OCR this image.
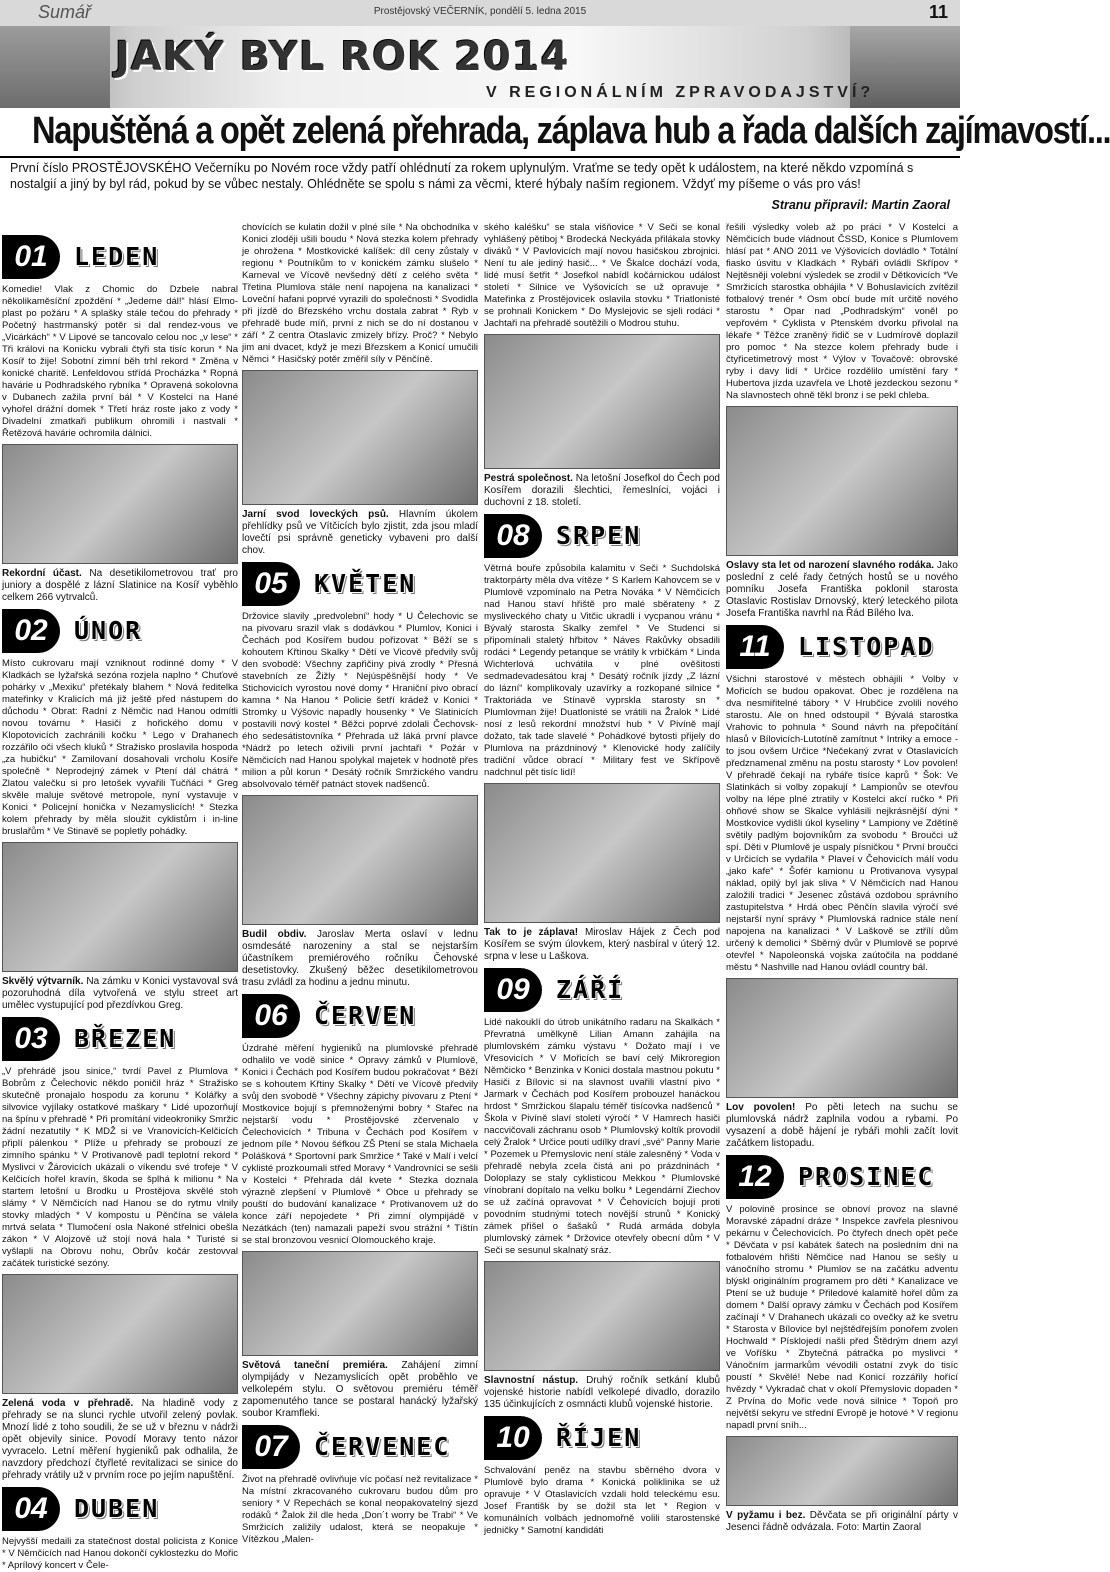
Sumář	Prostějovský VEČERNÍK, pondělí 5. ledna 2015	11
JAKÝ BYL ROK 2014
V REGIONÁLNÍM ZPRAVODAJSTVÍ?
Napuštěná a opět zelená přehrada, záplava hub a řada dalších zajímavostí...
První číslo PROSTĚJOVSKÉHO Večerníku po Novém roce vždy patří ohlédnutí za rokem uplynulým. Vraťme se tedy opět k událostem, na které někdo vzpomíná s nostalgií a jiný by byl rád, pokud by se vůbec nestaly. Ohlédněte se spolu s námi za věcmi, které hýbaly naším regionem. Vždyť my píšeme o vás pro vás!
Stranu připravil: Martin Zaoral
01	LEDEN

Komedie! Vlak z Chomic do Dzbele nabral několikaměsíční zpoždění * „Jedeme dál!“ hlásí Elmo-plast po požáru * A splašky stále tečou do přehrady * Početný hastrmanský potěr si dal rendez-vous ve „Vicárkách“ * V Lipové se tancovalo celou noc „v lese“ * Tři královi na Konicku vybrali čtyři sta tisíc korun * Na Kosíř to žije! Sobotní zimní běh trhl rekord * Změna v konické charitě. Lenfeldovou střídá Procházka * Ropná havárie u Podhradského rybníka * Opravená sokolovna v Dubanech zažila první bál * V Kostelci na Hané vyhořel drážní domek * Třetí hráz roste jako z vody * Divadelní zmatkaři publikum ohromili i nastvali * Řetězová havárie ochromila dálnici.

Rekordní účast. Na desetikilometrovou trať pro juniory a dospělé z lázní Slatinice na Kosíř vyběhlo celkem 266 vytrvalců.
02	ÚNOR

Místo cukrovaru mají vzniknout rodinné domy * V Kladkách se lyžařská sezóna rozjela naplno * Chuťové pohárky v „Mexiku“ přetékaly blahem * Nová ředitelka mateřinky v Kralicích má již ještě před nástupem do důchodu * Obrat: Radní z Němčic nad Hanou odmítli novou továrnu * Hasiči z hořického domu v Klopotovicích zachránili kočku * Lego v Drahanech rozzářilo oči všech kluků * Stražisko proslavila hospoda „za hubičku“ * Zamilovaní dosahovali vrcholu Kosíře společně * Neprodejný zámek v Ptení dál chátrá * Zlatou valečku si pro letošek vyvařili Tučňáci * Greg skvěle maluje světové metropole, nyní vystavuje v Konici * Policejní honička v Nezamyslicích! * Stezka kolem přehrady by měla sloužit cyklistům i in-line bruslařům * Ve Stinavě se popletly pohádky.

Skvělý výtvarník. Na zámku v Konici vystavoval svá pozoruhodná díla vytvořená ve stylu street art umělec vystupující pod přezdívkou Greg.
03	BŘEZEN

„V přehrádě jsou sinice,“ tvrdí Pavel z Plumlova * Bobrům z Čelechovic někdo poničil hráz * Stražisko skutečně pronajalo hospodu za korunu * Kolářky a silvovice vyjílaky ostatkové maškary * Lidé upozorňují na špínu v přehradě * Při promítání videokroniky Smržic žádní nezatutily * K MDŽ si ve Vranovicích-Kelčicích připlí pálenkou * Plíže u přehrady se probouzí ze zimního spánku * V Protivanově padl teplotní rekord * Myslivci v Žárovicích ukázali o víkendu své trofeje * V Kelčicích hořel kravín, škoda se šplhá k milionu * Na startem letošní u Brodku u Prostějova skvělé stoh slámy * V Němčicích nad Hanou se do rytmu vlnily stovky mladých * V kompostu u Pěnčína se válela mrtvá selata * Tlumočení osla Nakoné střelnici obešla zákon * V Alojzově už stojí nová hala * Turisté si vyšlapli na Obrovu nohu, Obrův kočár zestovval začátek turistické sezóny.

Zelená voda v přehradě. Na hladině vody z přehrady se na slunci rychle utvořil zelený povlak. Mnozí lidé z toho soudili, že se už v březnu v nádrži opět objevily sinice. Povodí Moravy tento názor vyvracelo. Letní měření hygieniků pak odhalila, že navzdory předchozí čtyřleté revitalizaci se sinice do přehrady vrátily už v prvním roce po jejím napuštění.
04	DUBEN

Nejvyšší medaili za statečnost dostal policista z Konice * V Němčicích nad Hanou dokončí cyklostezku do Mořic * Aprílový koncert v Čele-

chovících se kulatin dožil v plné síle * Na obchodníka v Konici zloději ušili boudu * Nová stezka kolem přehrady je ohrožena * Mostkovické kalíšek: díl ceny zůstaly v regionu * Poutníkům to v konickém zámku slušelo * Karneval ve Vícově nevšedný dětí z celého světa * Třetina Plumlova stále není napojena na kanalizaci * Loveční hafani poprvé vyrazili do společnosti * Svodidla při jízdě do Březského vrchu dostala zabrat * Ryb v přehradě bude míň, první z nich se do ní dostanou v září * Z centra Otaslavic zmizely břízy. Proč? * Nebylo jim ani dvacet, když je mezi Březskem a Konicí umučili Němci * Hasičský potěr změřil síly v Pěnčíně.

Jarní svod loveckých psů. Hlavním úkolem přehlídky psů ve Vítčicích bylo zjistit, zda jsou mladí lovečtí psi správně geneticky vybaveni pro další chov.
05	KVĚTEN

Držovice slavily „predvolební“ hody * U Čelechovic se na pivovaru srazil vlak s dodávkou * Plumlov, Konici i Čechách pod Kosířem budou pořizovat * Běží se s kohoutem Křtinou Skalky * Dětí ve Vicově předvily svůj den svobodě: Všechny zapřičiny pivá zrodly * Přesná stavebních ze Žižly * Nejúspěšnější hody * Ve Stichovicích vyrostou nové domy * Hraniční pivo obrací kamna * Na Hanou * Policie šetří krádež v Konici * Stromky u Výšovic napadly housenky * Ve Slatinicích postavili nový kostel * Běžci poprvé zdolali Čechovského sedesátistovníka * Přehrada už láká první plavce *Nádrž po letech oživili první jachtaři * Požár v Němčicích nad Hanou spolykal majetek v hodnotě přes milion a půl korun * Desátý ročník Smržického vandru absolvovalo téměř patnáct stovek nadšenců.

Budil obdiv. Jaroslav Merta oslaví v lednu osmdesáté narozeniny a stal se nejstarším účastníkem premiérového ročníku Čehovské desetistovky. Zkušený běžec desetikilometrovou trasu zvládl za hodinu a jednu minutu.
06	ČERVEN

Úzdrahé měření hygieniků na plumlovské přehradě odhalilo ve vodě sinice * Opravy zámků v Plumlově, Konici i Čechách pod Kosířem budou pokračovat * Běží se s kohoutem Křtiny Skalky * Dětí ve Vícově předvily svůj den svobodě * Všechny zápichy pivovaru z Ptení * Mostkovice bojují s přemnoženými bobry * Stařec na nejstarší vodu * Prostějovské zčervenalo v Čelechovicích * Tribuna v Čechách pod Kosířem v jednom píle * Novou šéfkou ZŠ Ptení se stala Michaela Polášková * Sportovní park Smržice * Také v Malí i velcí cyklisté prozkoumali střed Moravy * Vandrovníci se sešli v Kostelci * Přehrada dál kvete * Stezka doznala výrazně zlepšení v Plumlově * Obce u přehrady se pouští do budování kanalizace * Protivanovem už do konce září nepojedete * Při zimní olympijádě v Nezátkách (ten) namazali papeží svou strážní * Tíštín se stal bronzovou vesnicí Olomouckého kraje.

Světová taneční premiéra. Zahájení zimní olympijády v Nezamyslicích opět proběhlo ve velkolepém stylu. O světovou premiéru téměř zapomenutého tance se postaral hanácký lyžařský soubor Kramfleki.
07	ČERVENEC

Život na přehradě ovlivňuje víc počasí než revitalizace * Na místní zkracovaného cukrovaru budou dům pro seniory * V Repechách se konal neopakovatelný sjezd rodáků * Žalok žil dle heda „Don´t worry be Trabi“ * Ve Smržicích zaližily udalost, která se neopakuje * Vítězkou „Malen-

ského kaléšku“ se stala višňovice * V Seči se konal vyhlášený pětiboj * Brodecká Neckyáda přilákala stovky diváků * V Pavlovicích mají novou hasičskou zbrojnici. Není tu ale jediný hasič... * Ve Škalce dochází voda, lidé musí šetřit * Josefkol nabídl kočárnickou událost století * Silnice ve Vyšovicích se už opravuje * Mateřinka z Prostějovicek oslavila stovku * Triatlonisté se prohnali Konickem * Do Myslejovic se sjeli rodáci * Jachtaři na přehradě soutěžili o Modrou stuhu.

Pestrá společnost. Na letošní Josefkol do Čech pod Kosířem dorazili šlechtici, řemeslníci, vojáci i duchovní z 18. století.
08	SRPEN

Větrná bouře způsobila kalamitu v Seči * Suchdolská traktorpárty měla dva vítěze * S Karlem Kahovcem se v Plumlově vzpomínalo na Petra Nováka * V Němčicích nad Hanou staví hřiště pro malé sběrateny * Z mysliveckého chaty u Vitčic ukradli i vycpanou vránu * Bývalý starosta Skalky zemřel * Ve Studenci si připomínali staletý hřbitov * Náves Rakůvky obsadili rodáci * Legendy petanque se vrátily k vrbičkám * Linda Wichterlová uchvátila v plné ověšitosti sedmadevadesátou kraj * Desátý ročník jízdy „Z lázní do lázní“ komplikovaly uzavírky a rozkopané silnice * Traktoriáda ve Stínavě vyprskla starosty sn * Plumlovman žije! Duatlonisté se vrátili na Žralok * Lidé nosí z lesů rekordní množství hub * V Pivíně mají dožato, tak tade slavelé * Pohádkové bytosti přijely do Plumlova na prázdninový * Klenovické hody zalíčily tradiční vůdce obrací * Military fest ve Skřípově nadchnul pět tisíc lidí!

Tak to je záplava! Miroslav Hájek z Čech pod Kosířem se svým úlovkem, který nasbíral v úterý 12. srpna v lese u Laškova.
09	ZÁŘÍ

Lidé nakouklí do útrob unikátního radaru na Skalkách * Převratná umělkyně Lilian Amann zahájila na plumlovském zámku výstavu * Dožato mají i ve Vřesovicích * V Mořicích se baví celý Mikroregion Němčicko * Benzinka v Konici dostala mastnou pokutu * Hasiči z Bílovic si na slavnost uvařili vlastní pivo * Jarmark v Čechách pod Kosířem probouzel hanáckou hrdost * Smržickou šlapalu téměř tisícovka nadšenců * Škola v Pivíně slaví století výročí * V Hamrech hasiči naccvičovali záchranu osob * Plumlovský koltík provodil celý Žralok * Určice pouti udílky draví „své“ Panny Marie * Pozemek u Přemyslovic není stále zalesněný * Voda v přehradě nebyla zcela čistá ani po prázdninách * Doloplazy se staly cyklisticou Mekkou * Plumlovské vínobraní dopítalo na velku bolku * Legendární Ziechov se už začíná opravovat * V Čehovicích bojují proti povodním studnými totech novější strunů * Konický zámek přišel o šašaků * Rudá armáda dobyla plumlovský zámek * Držovice otevřely obecní dům * V Seči se sesunul skalnatý sráz.

Slavnostní nástup. Druhý ročník setkání klubů vojenské historie nabídl velkolepé divadlo, dorazilo 135 účinkujících z osmnácti klubů vojenské historie.
10	ŘÍJEN

Schvalování peněz na stavbu sběrného dvora v Plumlově bylo drama * Konická poliklinika se už opravuje * V Otaslavicích vzdali hold teleckému esu. Josef Františk by se dožil sta let * Region v komunálních volbách jednomořně volili starostenské jedničky * Samotní kandidáti

řešili výsledky voleb až po práci * V Kostelci a Němčicích bude vládnout ČSSD, Konice s Plumlovem hlásí pat * ANO 2011 ve Výšovicích dovládlo * Totální fiasko úsvitu v Kladkách * Rybáři ovládli Skřípov * Nejtěsněji volební výsledek se zrodil v Dětkovicích *Ve Smržicích starostka obhájila * V Bohuslavicích zvítězil fotbalový trenér * Osm obcí bude mít určitě nového starostu * Opar nad „Podhradským“ voněl po vepřovém * Cyklista v Ptenském dvorku přivolal na lékaře * Těžce zraněný řidič se v Ludmírově doplazil pro pomoc * Na stezce kolem přehrady bude i čtyřicetimetrový most * Výlov v Tovačově: obrovské ryby i davy lidí * Určice rozdělilo umístění fary * Hubertova jízda uzavřela ve Lhotě jezdeckou sezonu * Na slavnostech ohně těkl bronz i se pekl chleba.

Oslavy sta let od narození slavného rodáka. Jako poslední z celé řady četných hostů se u nového pomníku Josefa Františka poklonil starosta Otaslavic Rostislav Drnovský, který leteckého pilota Josefa Františka navrhl na Řád Bílého lva.
11	LISTOPAD

Všichni starostové v městech obhájili * Volby v Mořicích se budou opakovat. Obec je rozdělena na dva nesmiřitelné tábory * V Hrubčice zvolili nového starostu. Ale on hned odstoupil * Bývalá starostka Vrahovic to pohnula * Sound návrh na přepočítání hlasů v Bílovicích-Lutotíně zamítnut * Intriky a emoce - to jsou ovšem Určice *Nečekaný zvrat v Otaslavicích předznamenal změnu na postu starosty * Lov povolen! V přehradě čekají na rybáře tisíce kaprů * Šok: Ve Slatinkách si volby zopakují * Lampionův se otevřou volby na lépe plné ztratily v Kostelci akcí ručko * Při ohňové show se Skalce vyhlásili nejkrásnější dýni * Mostkovice vydišli úkol kyseliny * Lampiony ve Zdětíně světily padlým bojovníkům za svobodu * Broučci už spí. Děti v Plumlově je uspaly písničkou * První broučci v Určicích se vydařila * Plaveí v Čehovicích málí vodu „jako kafe“ * Šofér kamionu u Protivanova vysypal náklad, opilý byl jak sliva * V Němčicích nad Hanou založili tradici * Jesenec zůstává ozdobou správního zastupitelstva * Hrdá obec Pěnčín slavila výročí své nejstarší nyní správy * Plumlovská radnice stále není napojena na kanalizaci * V Laškově se ztřílí dům určený k demolici * Sběrný dvůr v Plumlově se poprvé otevřel * Napoleonská vojska zaútočila na poddané městu * Nashville nad Hanou ovládl country bál.

Lov povolen! Po pěti letech na suchu se plumlovská nádrž zaplnila vodou a rybami. Po vysazení a době hájení je rybáři mohli začít lovit začátkem listopadu.
12	PROSINEC

V polovině prosince se obnoví provoz na slavné Moravské západní dráze * Inspekce zavřela plesnivou pekárnu v Čelechovicích. Po čtyřech dnech opět peče * Děvčata v psí kabátek šatech na posledním dni na fotbalovém hřišti Němčice nad Hanou se sešly u vánočního stromu * Plumlov se na začátku adventu blýskl originálním programem pro děti * Kanalizace ve Ptení se už buduje * Přiledové kalamitě hořel dům za domem * Další opravy zámku v Čechách pod Kosířem začínají * V Drahanech ukázali co ovečky až ke svetru * Starosta v Bílovice byl nejštědřejším ponořem zvolen Hochwald * Písklojedí našli před Štědrým dnem azyl ve Voříšku * Zbytečná pátračka po myslivci * Vánočním jarmarkům vévodili ostatní zvyk do tisíc poustí * Skvělé! Nebe nad Konicí rozzářily hořící hvězdy * Vykradač chat v okolí Přemyslovic dopaden * Z Prvína do Mořic vede nová silnice * Topoň pro největší sekyru ve střední Evropě je hotové * V regionu napadl první sníh...

V pyžamu i bez. Děvčata se při originální párty v Jesenci řádně odvázala. Foto: Martin Zaoral
